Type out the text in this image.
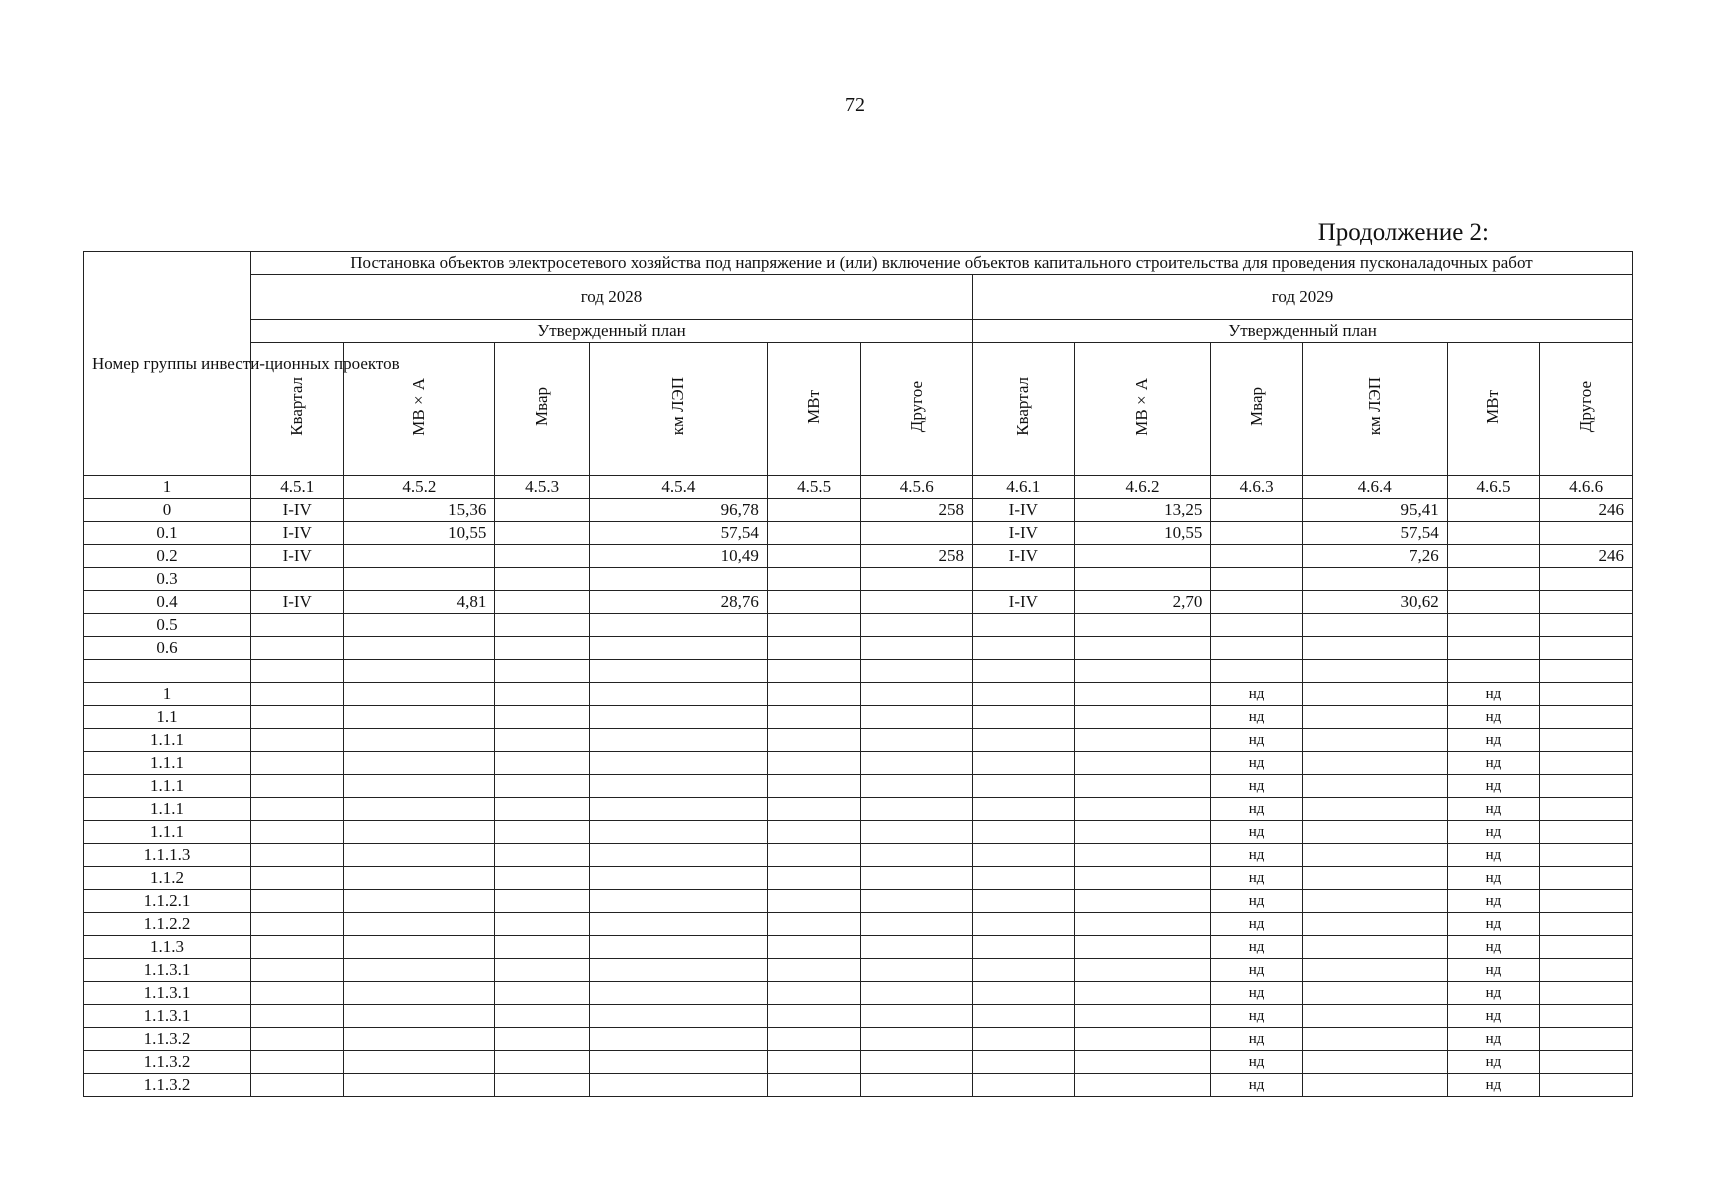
72
Продолжение 2:
Номер группы инвести-ционных проектов	Постановка объектов электросетевого хозяйства под напряжение и (или) включение объектов капитального строительства для проведения пусконаладочных работ											
	год 2028						год 2029					
	Утвержденный план						Утвержденный план					
	Квартал	МВ×А	Мвар	км ЛЭП	МВт	Другое	Квартал	МВ×А	Мвар	км ЛЭП	МВт	Другое
1	4.5.1	4.5.2	4.5.3	4.5.4	4.5.5	4.5.6	4.6.1	4.6.2	4.6.3	4.6.4	4.6.5	4.6.6
0	I-IV	15,36		96,78		258	I-IV	13,25		95,41		246
0.1	I-IV	10,55		57,54			I-IV	10,55		57,54		
0.2	I-IV			10,49		258	I-IV			7,26		246
0.3												
0.4	I-IV	4,81		28,76			I-IV	2,70		30,62		
0.5												
0.6												

1									нд		нд	
1.1									нд		нд	
1.1.1									нд		нд	
1.1.1									нд		нд	
1.1.1									нд		нд	
1.1.1									нд		нд	
1.1.1									нд		нд	
1.1.1.3									нд		нд	
1.1.2									нд		нд	
1.1.2.1									нд		нд	
1.1.2.2									нд		нд	
1.1.3									нд		нд	
1.1.3.1									нд		нд	
1.1.3.1									нд		нд	
1.1.3.1									нд		нд	
1.1.3.2									нд		нд	
1.1.3.2									нд		нд	
1.1.3.2									нд		нд	
